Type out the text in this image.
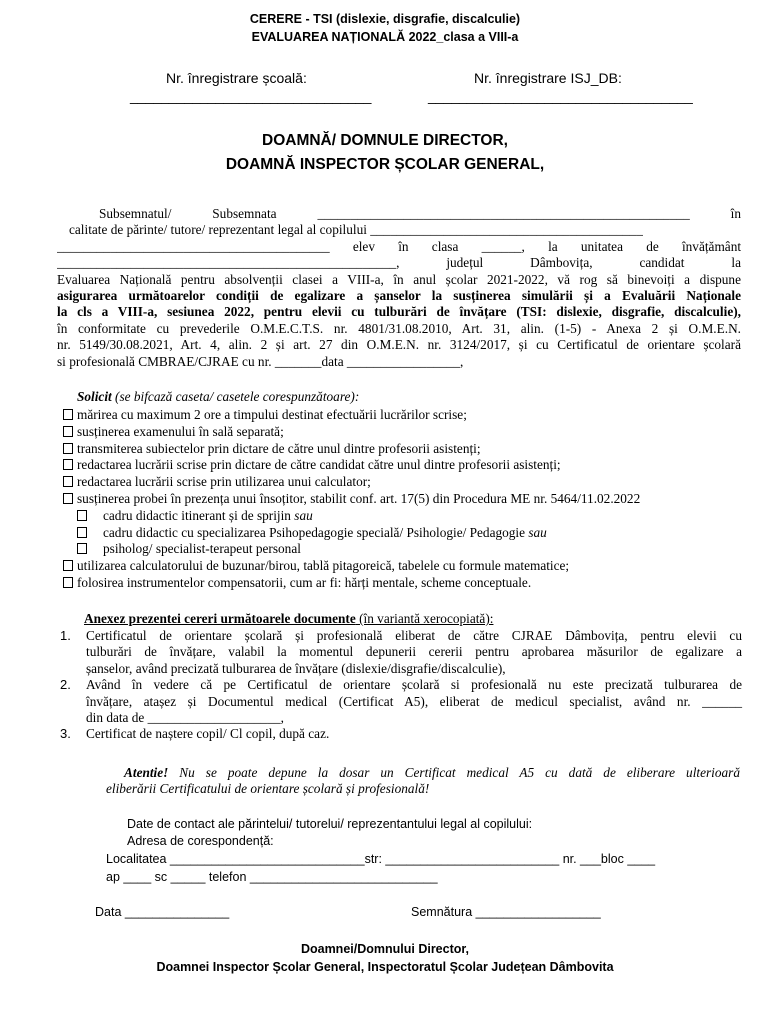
CERERE - TSI (dislexie, disgrafie, discalculie)
EVALUAREA NAȚIONALĂ 2022_clasa a VIII-a
Nr. înregistrare școală:
_______________________________
Nr. înregistrare ISJ_DB:
__________________________________
DOAMNĂ/ DOMNULE DIRECTOR,
DOAMNĂ INSPECTOR ȘCOLAR GENERAL,
Subsemnatul/ Subsemnata	________________________________________________________	în
calitate de părinte/ tutore/ reprezentant legal al copilului _________________________________________
_________________________________________ elev în clasa ______, la unitatea de învățământ
___________________________________________________,	județul Dâmbovița, candidat la
Evaluarea Națională pentru absolvenții clasei a VIII-a, în anul școlar 2021-2022, vă rog să binevoiți a dispune
asigurarea următoarelor condiții de egalizare a șanselor la susținerea simulării și a Evaluării Naționale
la cls a VIII-a, sesiunea 2022, pentru elevii cu tulburări de învățare (TSI: dislexie, disgrafie, discalculie),
în conformitate cu prevederile O.M.E.C.T.S. nr. 4801/31.08.2010, Art. 31, alin. (1-5) - Anexa 2 și O.M.E.N.
nr. 5149/30.08.2021, Art. 4, alin. 2 și art. 27 din O.M.E.N. nr. 3124/2017, și cu Certificatul de orientare școlară
si profesională CMBRAE/CJRAE cu nr. _______data _________________,
Solicit (se bifcază caseta/ casetele corespunzătoare):
mărirea cu maximum 2 ore a timpului destinat efectuării lucrărilor scrise;
susținerea examenului în sală separată;
transmiterea subiectelor prin dictare de către unul dintre profesorii asistenți;
redactarea lucrării scrise prin dictare de către candidat către unul dintre profesorii asistenți;
redactarea lucrării scrise prin utilizarea unui calculator;
susținerea probei în prezența unui însoțitor, stabilit conf. art. 17(5) din Procedura ME nr. 5464/11.02.2022
cadru didactic itinerant și de sprijin sau
cadru didactic cu specializarea Psihopedagogie specială/ Psihologie/ Pedagogie sau
psiholog/ specialist-terapeut personal
utilizarea calculatorului de buzunar/birou, tablă pitagoreică, tabelele cu formule matematice;
folosirea instrumentelor compensatorii, cum ar fi: hărți mentale, scheme conceptuale.
Anexez prezentei cereri următoarele documente (în variantă xerocopiată):
1. Certificatul de orientare școlară și profesională eliberat de către CJRAE Dâmbovița, pentru elevii cu
tulburări de învățare, valabil la momentul depunerii cererii pentru aprobarea măsurilor de egalizare a
șanselor, având precizată tulburarea de învățare (dislexie/disgrafie/discalculie),
2. Având în vedere că pe Certificatul de orientare școlară si profesională nu este precizată tulburarea de
învățare, atașez și Documentul medical (Certificat A5), eliberat de medicul specialist, având nr. ______
din data de ____________________,
3. Certificat de naștere copil/ Cl copil, după caz.
Atentie! Nu se poate depune la dosar un Certificat medical A5 cu dată de eliberare ulterioară
eliberării Certificatului de orientare școlară și profesională!
Date de contact ale părintelui/ tutorelui/ reprezentantului legal al copilului:
Adresa de corespondență:
Localitatea ____________________________str: _________________________ nr. ___bloc ____
ap ____ sc _____ telefon ___________________________
Data _______________	Semnătura __________________
Doamnei/Domnului Director,
Doamnei Inspector Școlar General, Inspectoratul Școlar Județean Dâmbovita
